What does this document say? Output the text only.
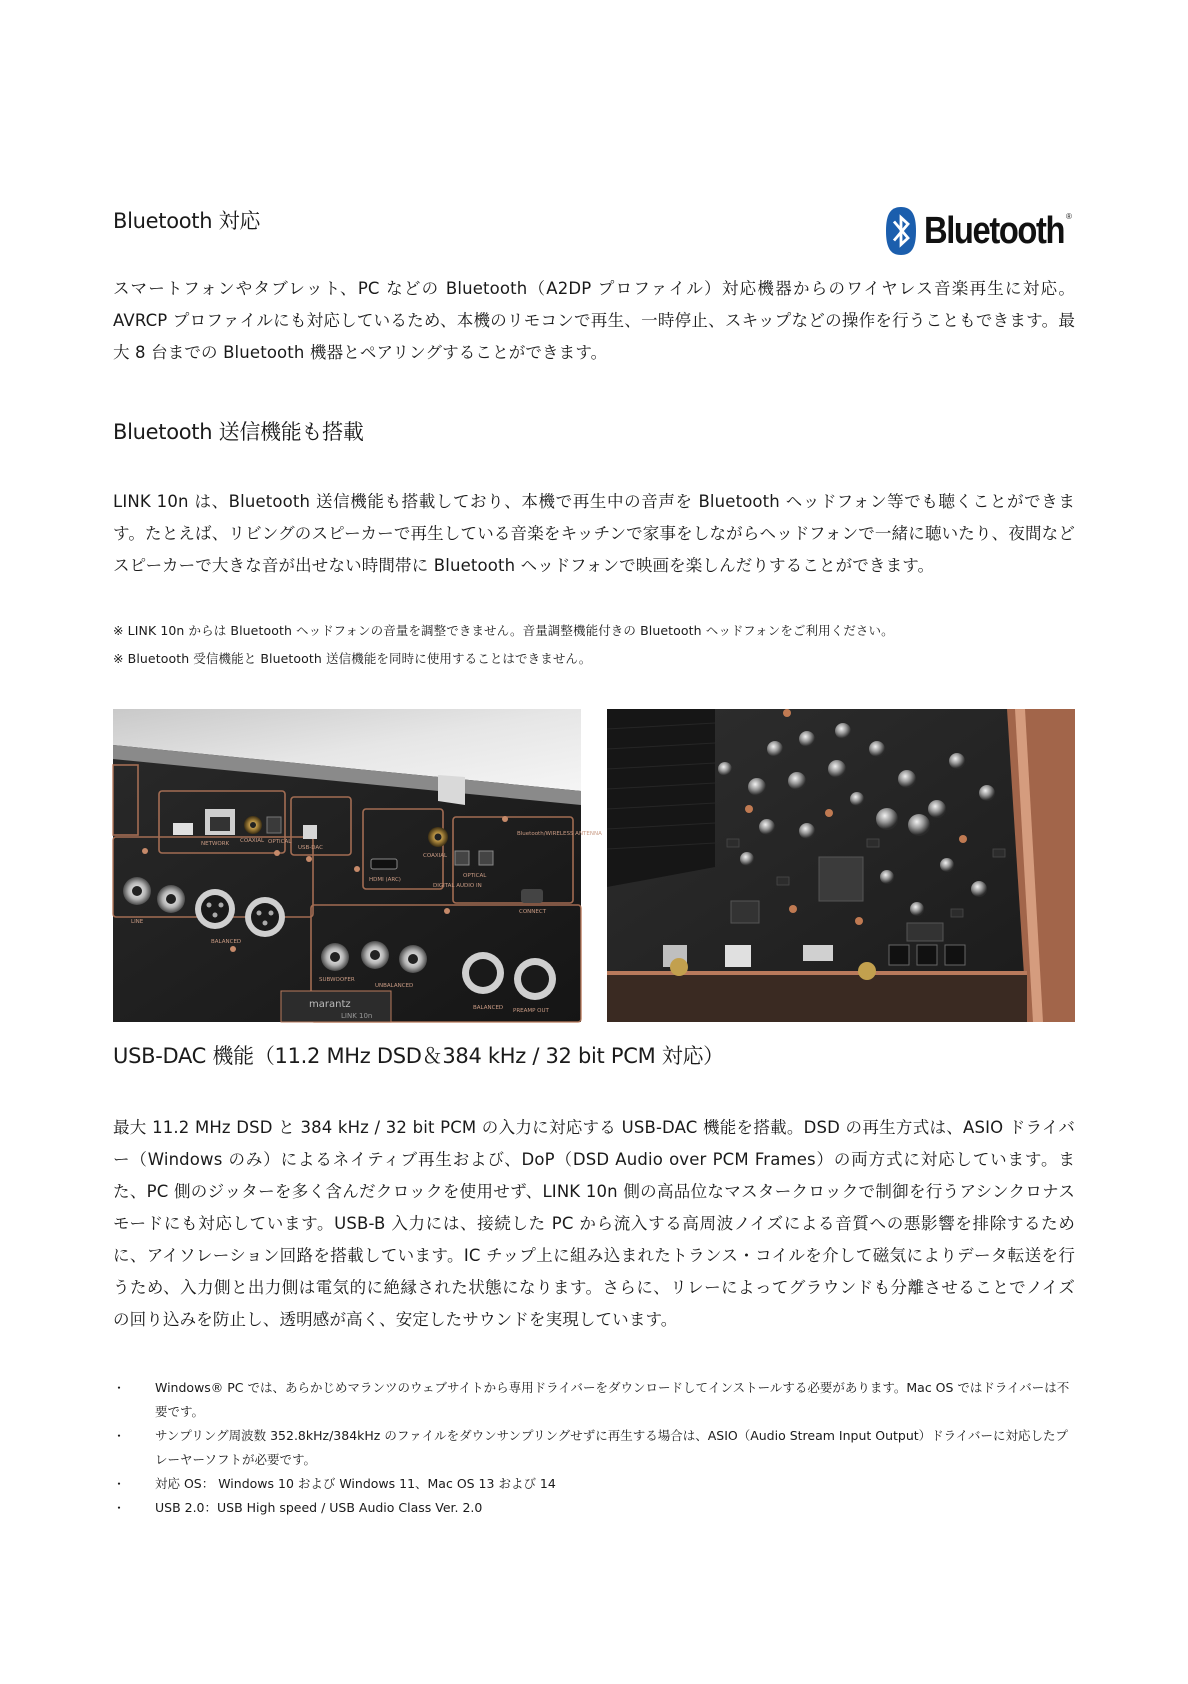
Bluetooth 対応	Bluetooth ®

スマートフォンやタブレット、PC などの Bluetooth（A2DP プロファイル）対応機器からのワイヤレス音楽再生に対応。AVRCP プロファイルにも対応しているため、本機のリモコンで再生、一時停止、スキップなどの操作を行うこともできます。最大 8 台までの Bluetooth 機器とペアリングすることができます。

Bluetooth 送信機能も搭載

LINK 10n は、Bluetooth 送信機能も搭載しており、本機で再生中の音声を Bluetooth ヘッドフォン等でも聴くことができます。たとえば、リビングのスピーカーで再生している音楽をキッチンで家事をしながらヘッドフォンで一緒に聴いたり、夜間などスピーカーで大きな音が出せない時間帯に Bluetooth ヘッドフォンで映画を楽しんだりすることができます。

※ LINK 10n からは Bluetooth ヘッドフォンの音量を調整できません。音量調整機能付きの Bluetooth ヘッドフォンをご利用ください。

※ Bluetooth 受信機能と Bluetooth 送信機能を同時に使用することはできません。

marantz
LINK 10n
NETWORK COAXIAL OPTICAL
USB-DAC
HDMI (ARC)
COAXIAL
OPTICAL
DIGITAL AUDIO IN
Bluetooth/WIRELESS ANTENNA
CONNECT
LINE
BALANCED
SUBWOOFER
UNBALANCED
PREAMP OUT
BALANCED
USB-DAC 機能（11.2 MHz DSD＆384 kHz / 32 bit PCM 対応）

最大 11.2 MHz DSD と 384 kHz / 32 bit PCM の入力に対応する USB-DAC 機能を搭載。DSD の再生方式は、ASIO ドライバー（Windows のみ）によるネイティブ再生および、DoP（DSD Audio over PCM Frames）の両方式に対応しています。また、PC 側のジッターを多く含んだクロックを使用せず、LINK 10n 側の高品位なマスタークロックで制御を行うアシンクロナスモードにも対応しています。USB-B 入力には、接続した PC から流入する高周波ノイズによる音質への悪影響を排除するために、アイソレーション回路を搭載しています。IC チップ上に組み込まれたトランス・コイルを介して磁気によりデータ転送を行うため、入力側と出力側は電気的に絶縁された状態になります。さらに、リレーによってグラウンドも分離させることでノイズの回り込みを防止し、透明感が高く、安定したサウンドを実現しています。

・ Windows® PC では、あらかじめマランツのウェブサイトから専用ドライバーをダウンロードしてインストールする必要があります。Mac OS ではドライバーは不要です。
・ サンプリング周波数 352.8kHz/384kHz のファイルをダウンサンプリングせずに再生する場合は、ASIO（Audio Stream Input Output）ドライバーに対応したプレーヤーソフトが必要です。
・ 対応 OS： Windows 10 および Windows 11、Mac OS 13 および 14
・ USB 2.0：USB High speed / USB Audio Class Ver. 2.0
